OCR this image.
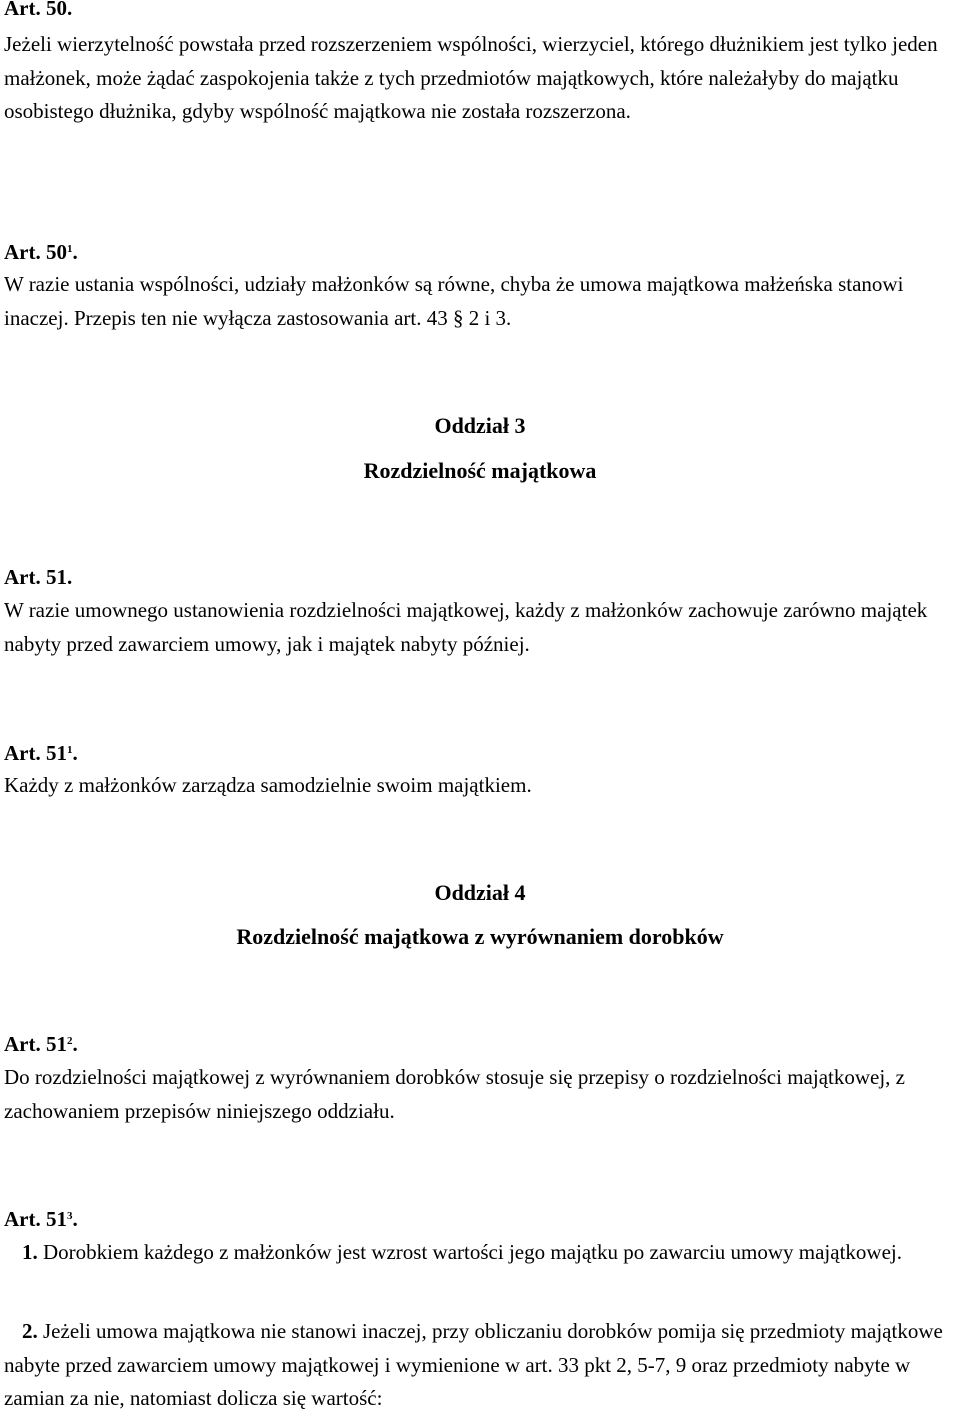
Art. 50.
Jeżeli wierzytelność powstała przed rozszerzeniem wspólności, wierzyciel, którego dłużnikiem jest tylko jeden małżonek, może żądać zaspokojenia także z tych przedmiotów majątkowych, które należałyby do majątku osobistego dłużnika, gdyby wspólność majątkowa nie została rozszerzona.
Art. $50^1$.
W razie ustania wspólności, udziały małżonków są równe, chyba że umowa majątkowa małżeńska stanowi inaczej. Przepis ten nie wyłącza zastosowania art. 43 § 2 i 3.
Oddział 3
Rozdzielność majątkowa
Art. 51.
W razie umownego ustanowienia rozdzielności majątkowej, każdy z małżonków zachowuje zarówno majątek nabyty przed zawarciem umowy, jak i majątek nabyty później.
Art. $51^1$.
Każdy z małżonków zarządza samodzielnie swoim majątkiem.
Oddział 4
Rozdzielność majątkowa z wyrównaniem dorobków
Art. $51^2$.
Do rozdzielności majątkowej z wyrównaniem dorobków stosuje się przepisy o rozdzielności majątkowej, z zachowaniem przepisów niniejszego oddziału.
Art. $51^3$.
1. Dorobkiem każdego z małżonków jest wzrost wartości jego majątku po zawarciu umowy majątkowej.
2. Jeżeli umowa majątkowa nie stanowi inaczej, przy obliczaniu dorobków pomija się przedmioty majątkowe nabyte przed zawarciem umowy majątkowej i wymienione w art. 33 pkt 2, 5-7, 9 oraz przedmioty nabyte w zamian za nie, natomiast dolicza się wartość:
